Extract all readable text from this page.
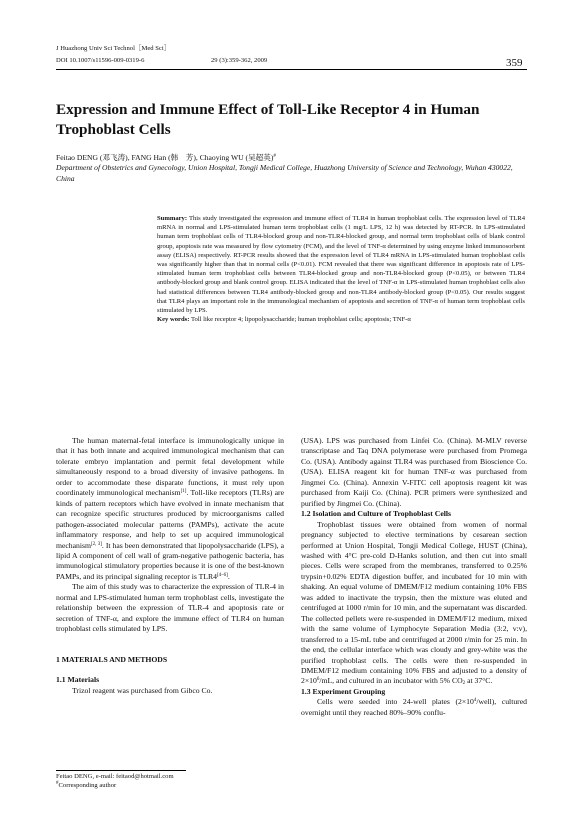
J Huazhong Univ Sci Technol［Med Sci］
DOI 10.1007/s11596-009-0319-6	29 (3):359-362, 2009	359
Expression and Immune Effect of Toll-Like Receptor 4 in Human Trophoblast Cells
Feitao DENG (邓飞涛), FANG Han (韩　芳), Chaoying WU (吴超英)#
Department of Obstetrics and Gynecology, Union Hospital, Tongji Medical College, Huazhong University of Science and Technology, Wuhan 430022, China

Summary: This study investigated the expression and immune effect of TLR4 in human trophoblast cells. The expression level of TLR4 mRNA in normal and LPS-stimulated human term trophoblast cells (1 mg/L LPS, 12 h) was detected by RT-PCR. In LPS-stimulated human term trophoblast cells of TLR4-blocked group and non-TLR4-blocked group, and normal term trophoblast cells of blank control group, apoptosis rate was measured by flow cytometry (FCM), and the level of TNF-α determined by using enzyme linked immunosorbent assay (ELISA) respectively. RT-PCR results showed that the expression level of TLR4 mRNA in LPS-stimulated human trophoblast cells was significantly higher than that in normal cells (P<0.01). FCM revealed that there was significant difference in apoptosis rate of LPS-stimulated human term trophoblast cells between TLR4-blocked group and non-TLR4-blocked group (P<0.05), or between TLR4 antibody-blocked group and blank control group. ELISA indicated that the level of TNF-α in LPS-stimulated human trophoblast cells also had statistical differences between TLR4 antibody-blocked group and non-TLR4 antibody-blocked group (P<0.05). Our results suggest that TLR4 plays an important role in the immunological mechanism of apoptosis and secretion of TNF-α of human term trophoblast cells stimulated by LPS.

Key words: Toll like receptor 4; lipopolysaccharide; human trophoblast cells; apoptosis; TNF-α

The human maternal-fetal interface is immunologically unique in that it has both innate and acquired immunological mechanism that can tolerate embryo implantation and permit fetal development while simultaneously respond to a broad diversity of invasive pathogens. In order to accommodate these disparate functions, it must rely upon coordinately immunological mechanism[1]. Toll-like receptors (TLRs) are kinds of pattern receptors which have evolved in innate mechanism that can recognize specific structures produced by microorganisms called pathogen-associated molecular patterns (PAMPs), activate the acute inflammatory response, and help to set up acquired immunological mechanism[2, 3]. It has been demonstrated that lipopolysaccharide (LPS), a lipid A component of cell wall of gram-negative pathogenic bacteria, has immunological stimulatory properties because it is one of the best-known PAMPs, and its principal signaling receptor is TLR4[4–6].

The aim of this study was to characterize the expression of TLR-4 in normal and LPS-stimulated human term trophoblast cells, investigate the relationship between the expression of TLR-4 and apoptosis rate or secretion of TNF-α, and explore the immune effect of TLR4 on human trophoblast cells stimulated by LPS.

1 MATERIALS AND METHODS

1.1 Materials

Trizol reagent was purchased from Gibco Co.

(USA). LPS was purchased from Linfei Co. (China). M-MLV reverse transcriptase and Taq DNA polymerase were purchased from Promega Co. (USA). Antibody against TLR4 was purchased from Bioscience Co. (USA). ELISA reagent kit for human TNF-α was purchased from Jingmei Co. (China). Annexin V-FITC cell apoptosis reagent kit was purchased from Kaiji Co. (China). PCR primers were synthesized and purified by Jingmei Co. (China).

1.2 Isolation and Culture of Trophoblast Cells

Trophoblast tissues were obtained from women of normal pregnancy subjected to elective terminations by cesarean section performed at Union Hospital, Tongji Medical College, HUST (China), washed with 4°C pre-cold D-Hanks solution, and then cut into small pieces. Cells were scraped from the membranes, transferred to 0.25% trypsin+0.02% EDTA digestion buffer, and incubated for 10 min with shaking. An equal volume of DMEM/F12 medium containing 10% FBS was added to inactivate the trypsin, then the mixture was eluted and centrifuged at 1000 r/min for 10 min, and the supernatant was discarded. The collected pellets were re-suspended in DMEM/F12 medium, mixed with the same volume of Lymphocyte Separation Media (3:2, v:v), transferred to a 15-mL tube and centrifuged at 2000 r/min for 25 min. In the end, the cellular interface which was cloudy and grey-white was the purified trophoblast cells. The cells were then re-suspended in DMEM/F12 medium containing 10% FBS and adjusted to a density of $2\times 10^6/mL$, and cultured in an incubator with 5% $CO_2$ at 37°C.

1.3 Experiment Grouping

Cells were seeded into 24-well plates $(2\times 10^4/well)$, cultured overnight until they reached 80%–90% conflu-

Feitao DENG, e-mail: feitaod@hotmail.com

#Corresponding author
